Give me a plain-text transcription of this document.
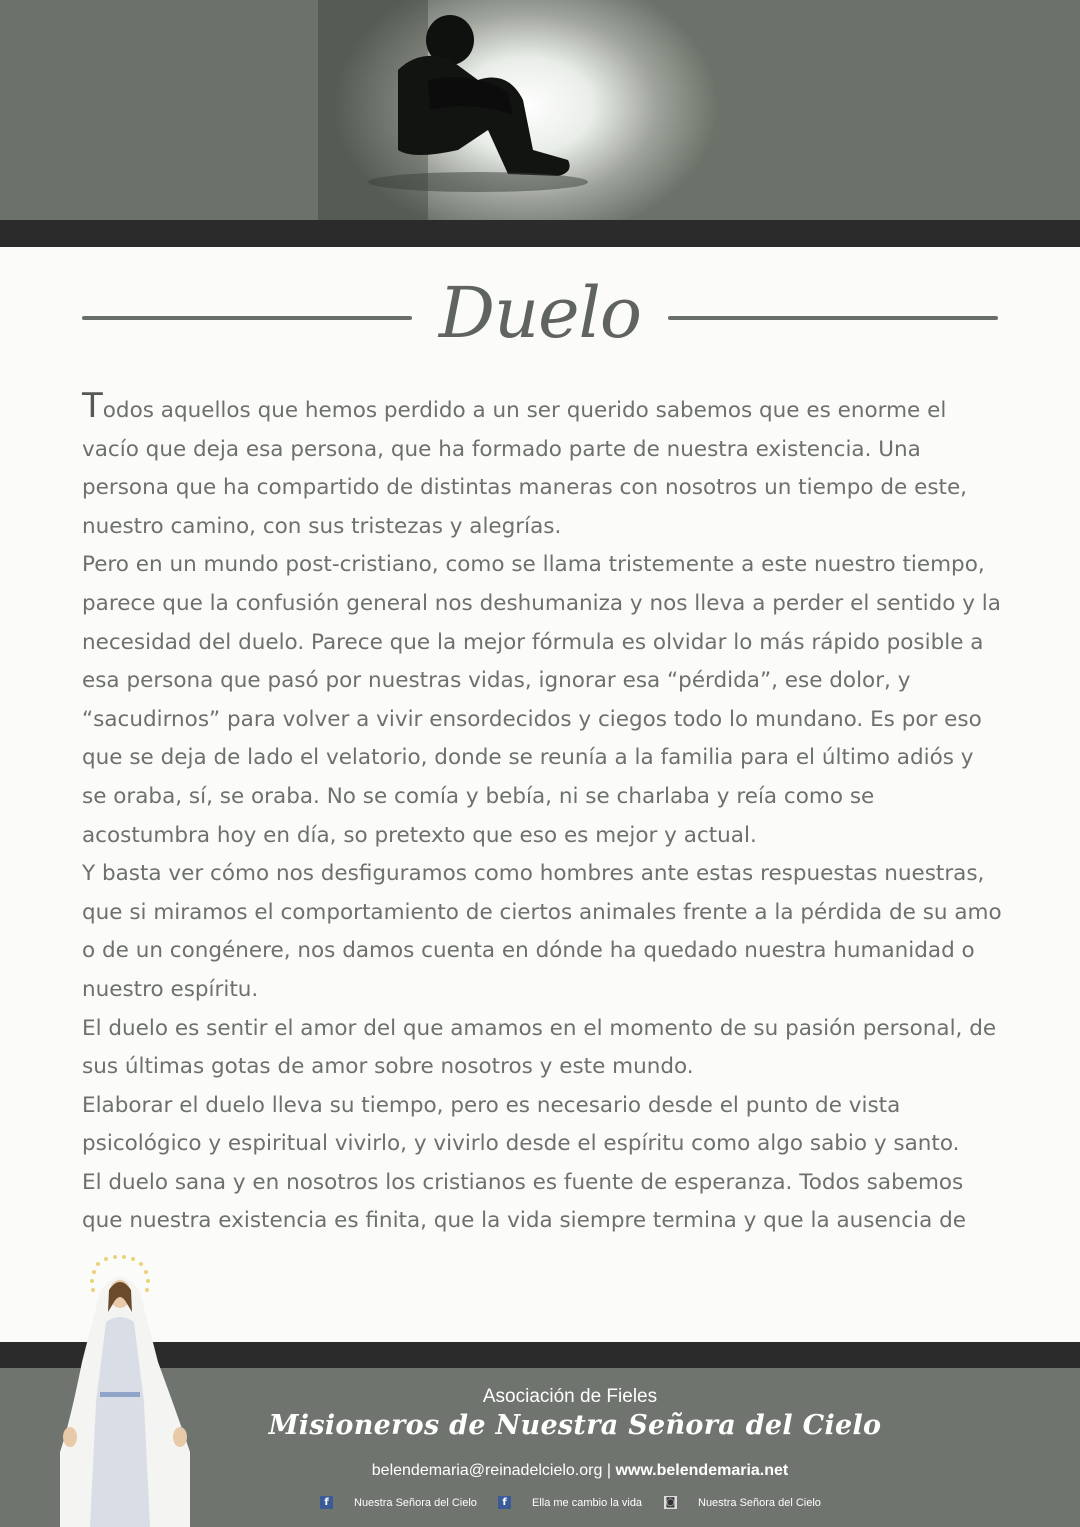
Duelo

Todos aquellos que hemos perdido a un ser querido sabemos que es enorme el vacío que deja esa persona, que ha formado parte de nuestra existencia. Una persona que ha compartido de distintas maneras con nosotros un tiempo de este, nuestro camino, con sus tristezas y alegrías.

Pero en un mundo post-cristiano, como se llama tristemente a este nuestro tiempo, parece que la confusión general nos deshumaniza y nos lleva a perder el sentido y la necesidad del duelo. Parece que la mejor fórmula es olvidar lo más rápido posible a esa persona que pasó por nuestras vidas, ignorar esa “pérdida”, ese dolor, y “sacudirnos” para volver a vivir ensordecidos y ciegos todo lo mundano. Es por eso que se deja de lado el velatorio, donde se reunía a la familia para el último adiós y se oraba, sí, se oraba. No se comía y bebía, ni se charlaba y reía como se acostumbra hoy en día, so pretexto que eso es mejor y actual.

Y basta ver cómo nos desfiguramos como hombres ante estas respuestas nuestras, que si miramos el comportamiento de ciertos animales frente a la pérdida de su amo o de un congénere, nos damos cuenta en dónde ha quedado nuestra humanidad o nuestro espíritu.

El duelo es sentir el amor del que amamos en el momento de su pasión personal, de sus últimas gotas de amor sobre nosotros y este mundo.

Elaborar el duelo lleva su tiempo, pero es necesario desde el punto de vista psicológico y espiritual vivirlo, y vivirlo desde el espíritu como algo sabio y santo.

El duelo sana y en nosotros los cristianos es fuente de esperanza. Todos sabemos que nuestra existencia es finita, que la vida siempre termina y que la ausencia de

Asociación de Fieles
Misioneros de Nuestra Señora del Cielo
belendemaria@reinadelcielo.org | www.belendemaria.net
f	Nuestra Señora del Cielo	f	Ella me cambio la vida ◙ Nuestra Señora del Cielo
